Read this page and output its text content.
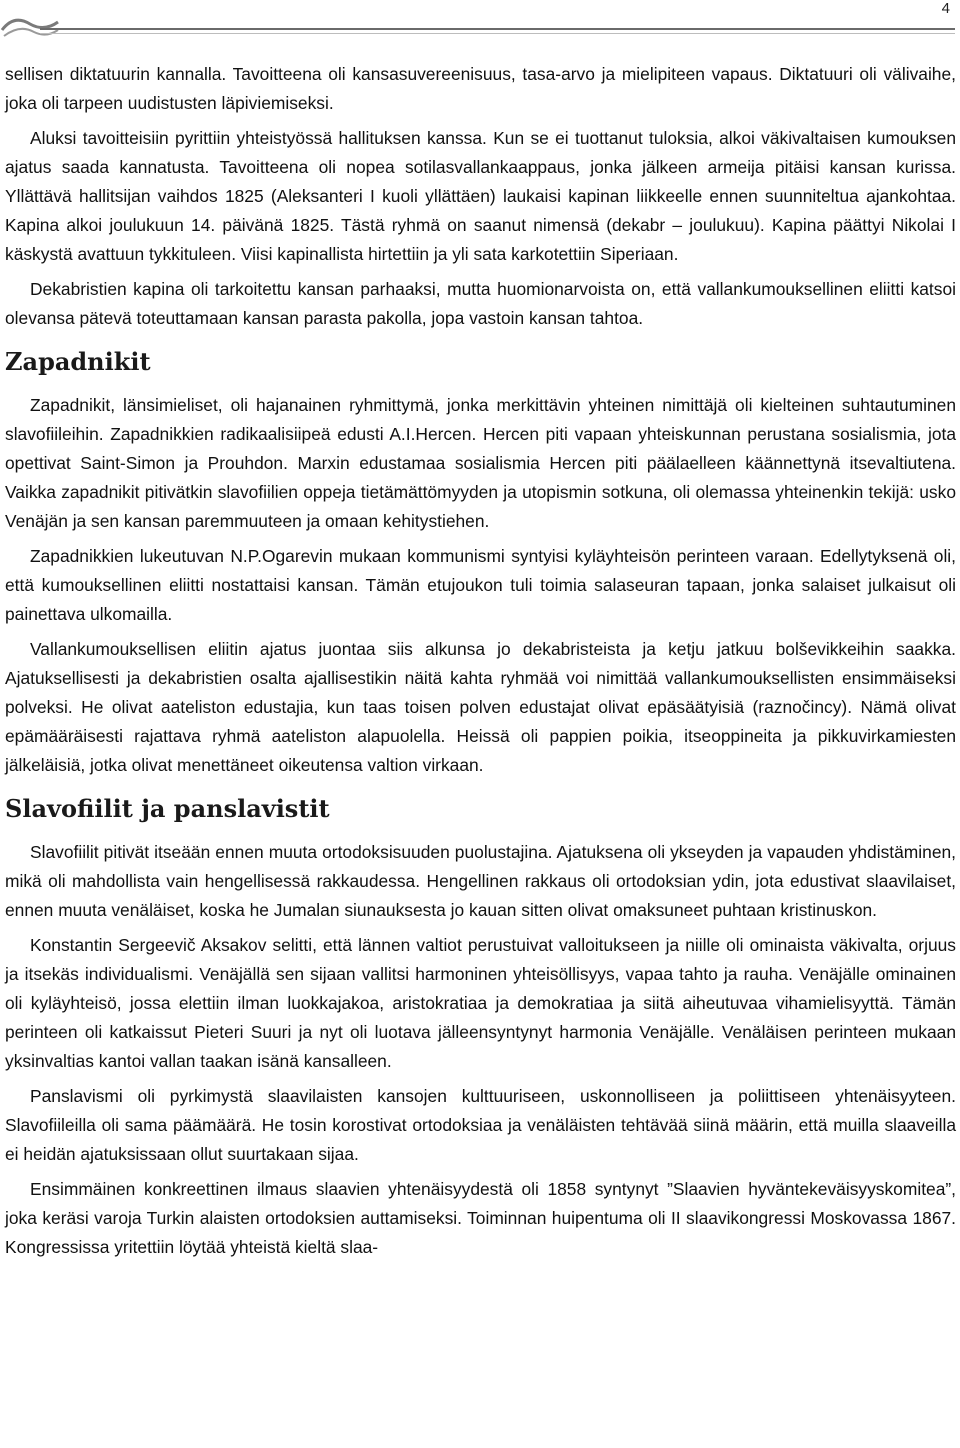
4

sellisen diktatuurin kannalla. Tavoitteena oli kansasuvereenisuus, tasa-arvo ja mielipiteen vapaus. Diktatuuri oli välivaihe, joka oli tarpeen uudistusten läpiviemiseksi.

Aluksi tavoitteisiin pyrittiin yhteistyössä hallituksen kanssa. Kun se ei tuottanut tuloksia, alkoi väkivaltaisen kumouksen ajatus saada kannatusta. Tavoitteena oli nopea sotilasvallankaappaus, jonka jälkeen armeija pitäisi kansan kurissa. Yllättävä hallitsijan vaihdos 1825 (Aleksanteri I kuoli yllättäen) laukaisi kapinan liikkeelle ennen suunniteltua ajankohtaa. Kapina alkoi joulukuun 14. päivänä 1825. Tästä ryhmä on saanut nimensä (dekabr – joulukuu). Kapina päättyi Nikolai I käskystä avattuun tykkituleen. Viisi kapinallista hirtettiin ja yli sata karkotettiin Siperiaan.

Dekabristien kapina oli tarkoitettu kansan parhaaksi, mutta huomionarvoista on, että vallankumouksellinen eliitti katsoi olevansa pätevä toteuttamaan kansan parasta pakolla, jopa vastoin kansan tahtoa.

Zapadnikit

Zapadnikit, länsimieliset, oli hajanainen ryhmittymä, jonka merkittävin yhteinen nimittäjä oli kielteinen suhtautuminen slavofiileihin. Zapadnikkien radikaalisiipeä edusti A.I.Hercen. Hercen piti vapaan yhteiskunnan perustana sosialismia, jota opettivat Saint-Simon ja Prouhdon. Marxin edustamaa sosialismia Hercen piti päälaelleen käännettynä itsevaltiutena. Vaikka zapadnikit pitivätkin slavofiilien oppeja tietämättömyyden ja utopismin sotkuna, oli olemassa yhteinenkin tekijä: usko Venäjän ja sen kansan paremmuuteen ja omaan kehitystiehen.

Zapadnikkien lukeutuvan N.P.Ogarevin mukaan kommunismi syntyisi kyläyhteisön perinteen varaan. Edellytyksenä oli, että kumouksellinen eliitti nostattaisi kansan. Tämän etujoukon tuli toimia salaseuran tapaan, jonka salaiset julkaisut oli painettava ulkomailla.

Vallankumouksellisen eliitin ajatus juontaa siis alkunsa jo dekabristeista ja ketju jatkuu bolševikkeihin saakka. Ajatuksellisesti ja dekabristien osalta ajallisestikin näitä kahta ryhmää voi nimittää vallankumouksellisten ensimmäiseksi polveksi. He olivat aateliston edustajia, kun taas toisen polven edustajat olivat epäsäätyisiä (raznočincy). Nämä olivat epämääräisesti rajattava ryhmä aateliston alapuolella. Heissä oli pappien poikia, itseoppineita ja pikkuvirkamiesten jälkeläisiä, jotka olivat menettäneet oikeutensa valtion virkaan.

Slavofiilit ja panslavistit

Slavofiilit pitivät itseään ennen muuta ortodoksisuuden puolustajina. Ajatuksena oli ykseyden ja vapauden yhdistäminen, mikä oli mahdollista vain hengellisessä rakkaudessa. Hengellinen rakkaus oli ortodoksian ydin, jota edustivat slaavilaiset, ennen muuta venäläiset, koska he Jumalan siunauksesta jo kauan sitten olivat omaksuneet puhtaan kristinuskon.

Konstantin Sergeevič Aksakov selitti, että lännen valtiot perustuivat valloitukseen ja niille oli ominaista väkivalta, orjuus ja itsekäs individualismi. Venäjällä sen sijaan vallitsi harmoninen yhteisöllisyys, vapaa tahto ja rauha. Venäjälle ominainen oli kyläyhteisö, jossa elettiin ilman luokkajakoa, aristokratiaa ja demokratiaa ja siitä aiheutuvaa vihamielisyyttä. Tämän perinteen oli katkaissut Pieteri Suuri ja nyt oli luotava jälleensyntynyt harmonia Venäjälle. Venäläisen perinteen mukaan yksinvaltias kantoi vallan taakan isänä kansalleen.

Panslavismi oli pyrkimystä slaavilaisten kansojen kulttuuriseen, uskonnolliseen ja poliittiseen yhtenäisyyteen. Slavofiileilla oli sama päämäärä. He tosin korostivat ortodoksiaa ja venäläisten tehtävää siinä määrin, että muilla slaaveilla ei heidän ajatuksissaan ollut suurtakaan sijaa.

Ensimmäinen konkreettinen ilmaus slaavien yhtenäisyydestä oli 1858 syntynyt ”Slaavien hyväntekeväisyyskomitea”, joka keräsi varoja Turkin alaisten ortodoksien auttamiseksi. Toiminnan huipentuma oli II slaavikongressi Moskovassa 1867. Kongressissa yritettiin löytää yhteistä kieltä slaa-
